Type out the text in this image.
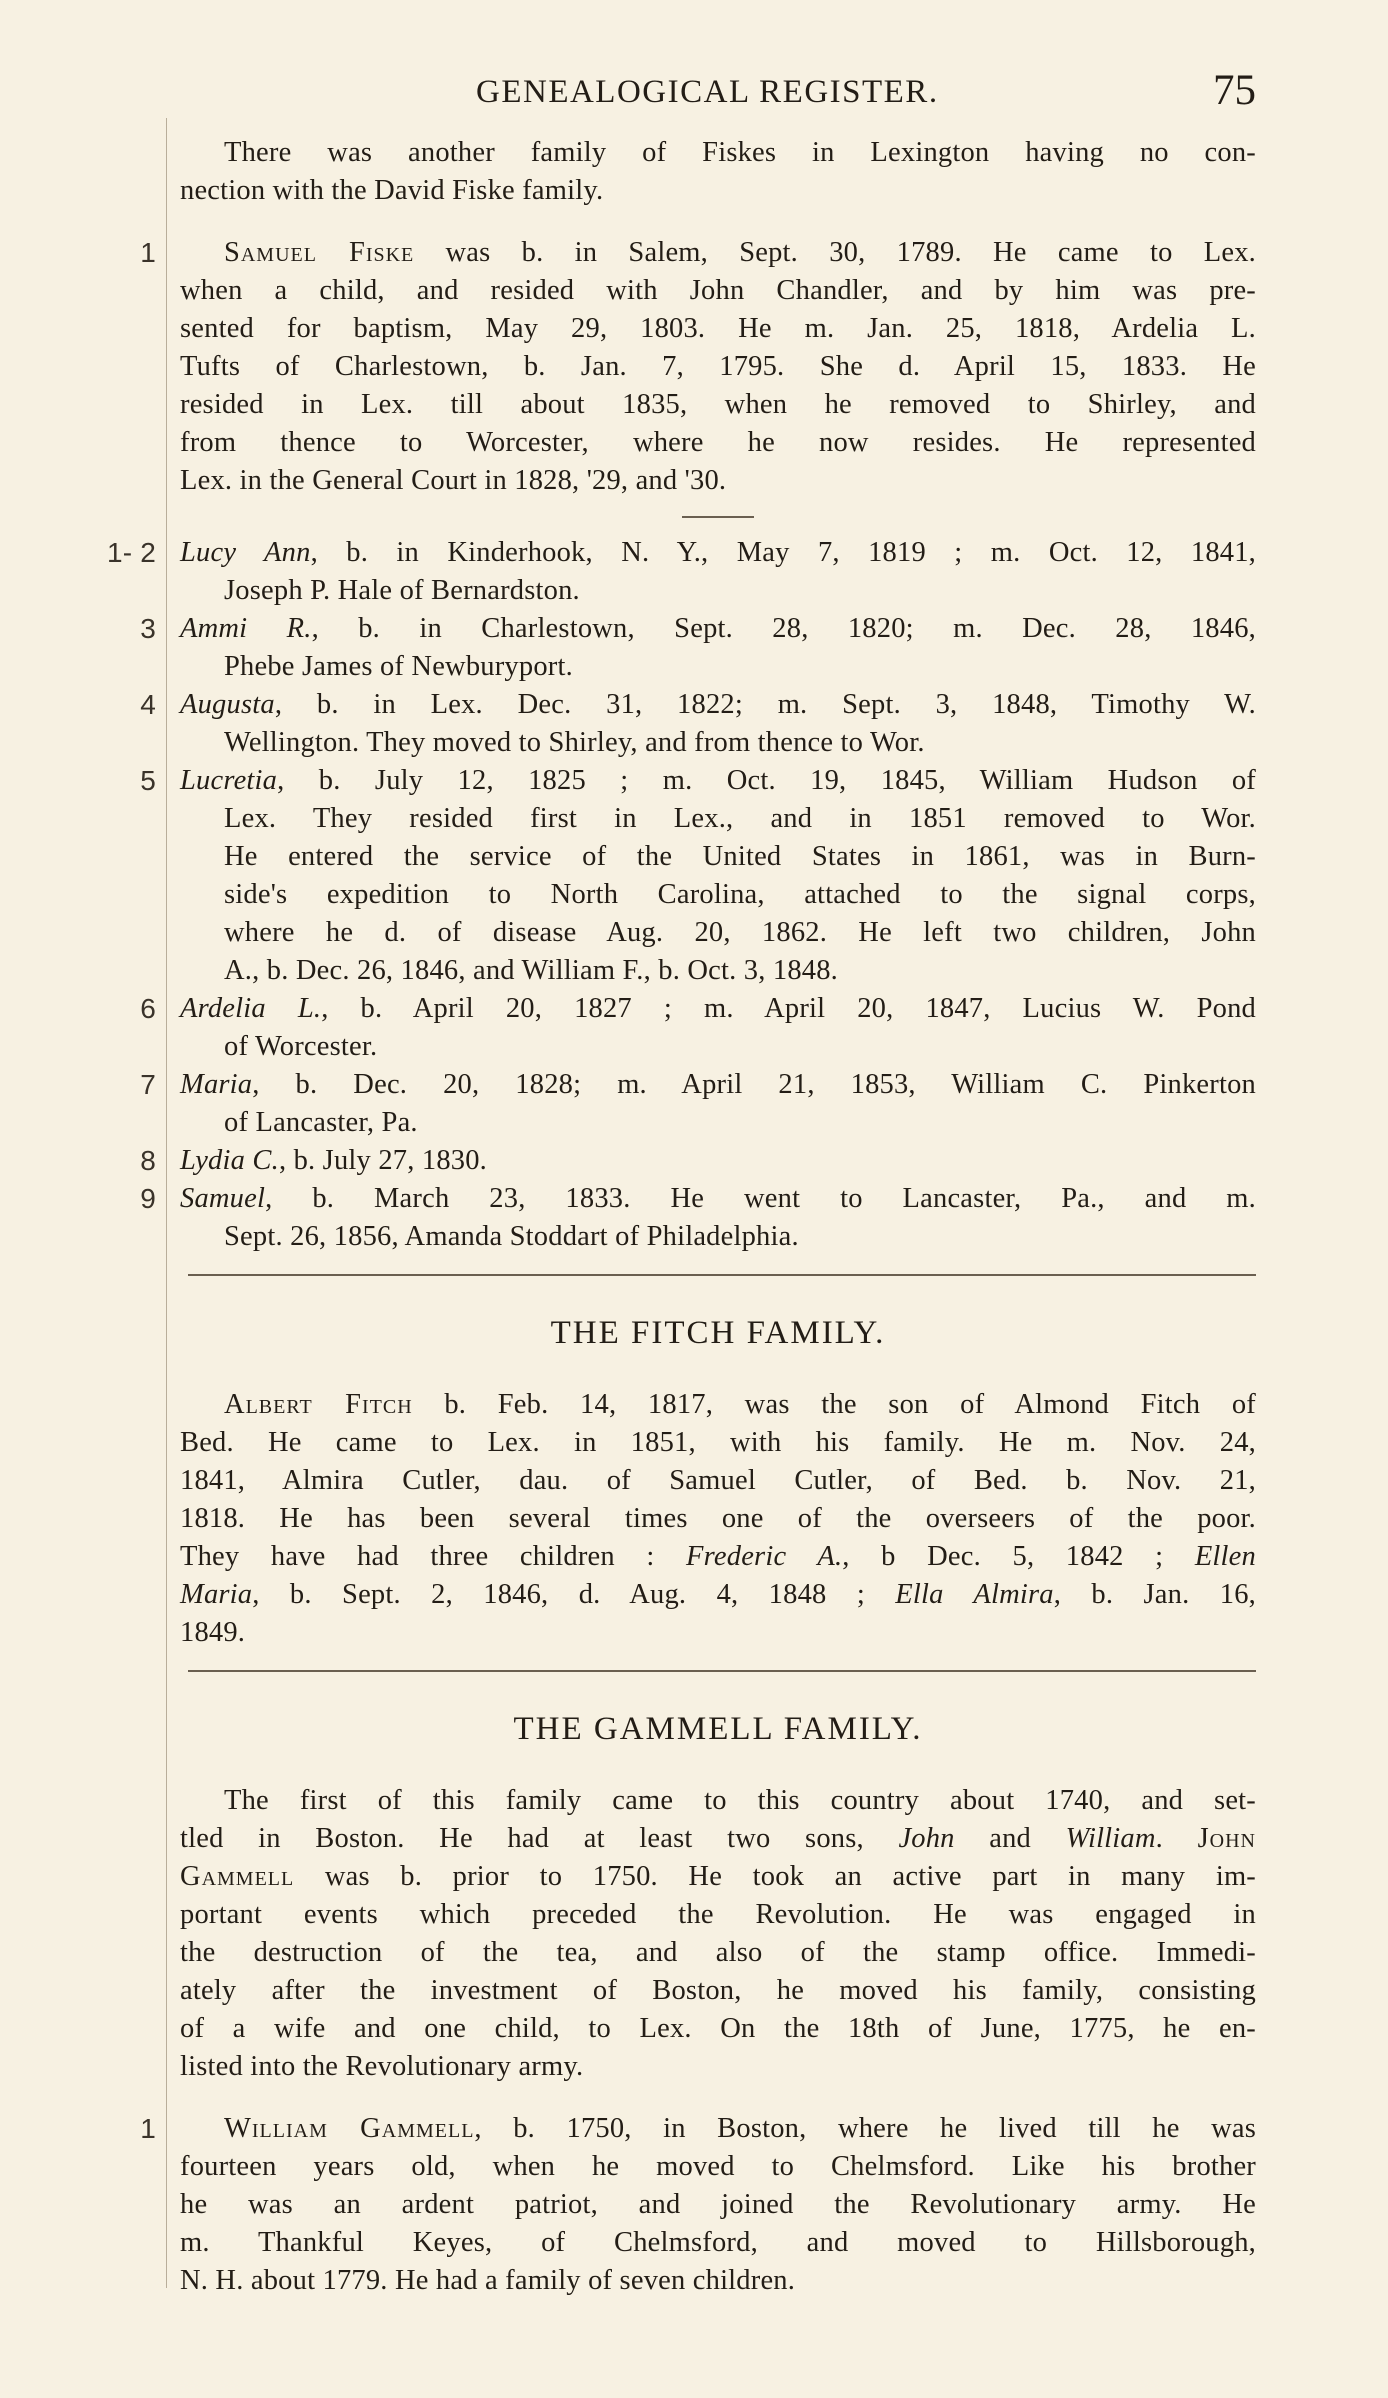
GENEALOGICAL REGISTER.	75
There was another family of Fiskes in Lexington having no con-
nection with the David Fiske family.
1 Samuel Fiske was b. in Salem, Sept. 30, 1789. He came to Lex.
when a child, and resided with John Chandler, and by him was pre-
sented for baptism, May 29, 1803. He m. Jan. 25, 1818, Ardelia L.
Tufts of Charlestown, b. Jan. 7, 1795. She d. April 15, 1833. He
resided in Lex. till about 1835, when he removed to Shirley, and
from thence to Worcester, where he now resides. He represented
Lex. in the General Court in 1828, '29, and '30.
1- 2 Lucy Ann, b. in Kinderhook, N. Y., May 7, 1819 ; m. Oct. 12, 1841,
Joseph P. Hale of Bernardston.
3 Ammi R., b. in Charlestown, Sept. 28, 1820; m. Dec. 28, 1846,
Phebe James of Newburyport.
4 Augusta, b. in Lex. Dec. 31, 1822; m. Sept. 3, 1848, Timothy W.
Wellington. They moved to Shirley, and from thence to Wor.
5 Lucretia, b. July 12, 1825 ; m. Oct. 19, 1845, William Hudson of
Lex. They resided first in Lex., and in 1851 removed to Wor.
He entered the service of the United States in 1861, was in Burn-
side's expedition to North Carolina, attached to the signal corps,
where he d. of disease Aug. 20, 1862. He left two children, John
A., b. Dec. 26, 1846, and William F., b. Oct. 3, 1848.
6 Ardelia L., b. April 20, 1827 ; m. April 20, 1847, Lucius W. Pond
of Worcester.
7 Maria, b. Dec. 20, 1828; m. April 21, 1853, William C. Pinkerton
of Lancaster, Pa.
8 Lydia C., b. July 27, 1830.
9 Samuel, b. March 23, 1833. He went to Lancaster, Pa., and m.
Sept. 26, 1856, Amanda Stoddart of Philadelphia.
THE FITCH FAMILY.
Albert Fitch b. Feb. 14, 1817, was the son of Almond Fitch of
Bed. He came to Lex. in 1851, with his family. He m. Nov. 24,
1841, Almira Cutler, dau. of Samuel Cutler, of Bed. b. Nov. 21,
1818. He has been several times one of the overseers of the poor.
They have had three children : Frederic A., b Dec. 5, 1842 ; Ellen
Maria, b. Sept. 2, 1846, d. Aug. 4, 1848 ; Ella Almira, b. Jan. 16,
1849.
THE GAMMELL FAMILY.
The first of this family came to this country about 1740, and set-
tled in Boston. He had at least two sons, John and William. John
Gammell was b. prior to 1750. He took an active part in many im-
portant events which preceded the Revolution. He was engaged in
the destruction of the tea, and also of the stamp office. Immedi-
ately after the investment of Boston, he moved his family, consisting
of a wife and one child, to Lex. On the 18th of June, 1775, he en-
listed into the Revolutionary army.
1 William Gammell, b. 1750, in Boston, where he lived till he was
fourteen years old, when he moved to Chelmsford. Like his brother
he was an ardent patriot, and joined the Revolutionary army. He
m. Thankful Keyes, of Chelmsford, and moved to Hillsborough,
N. H. about 1779. He had a family of seven children.
